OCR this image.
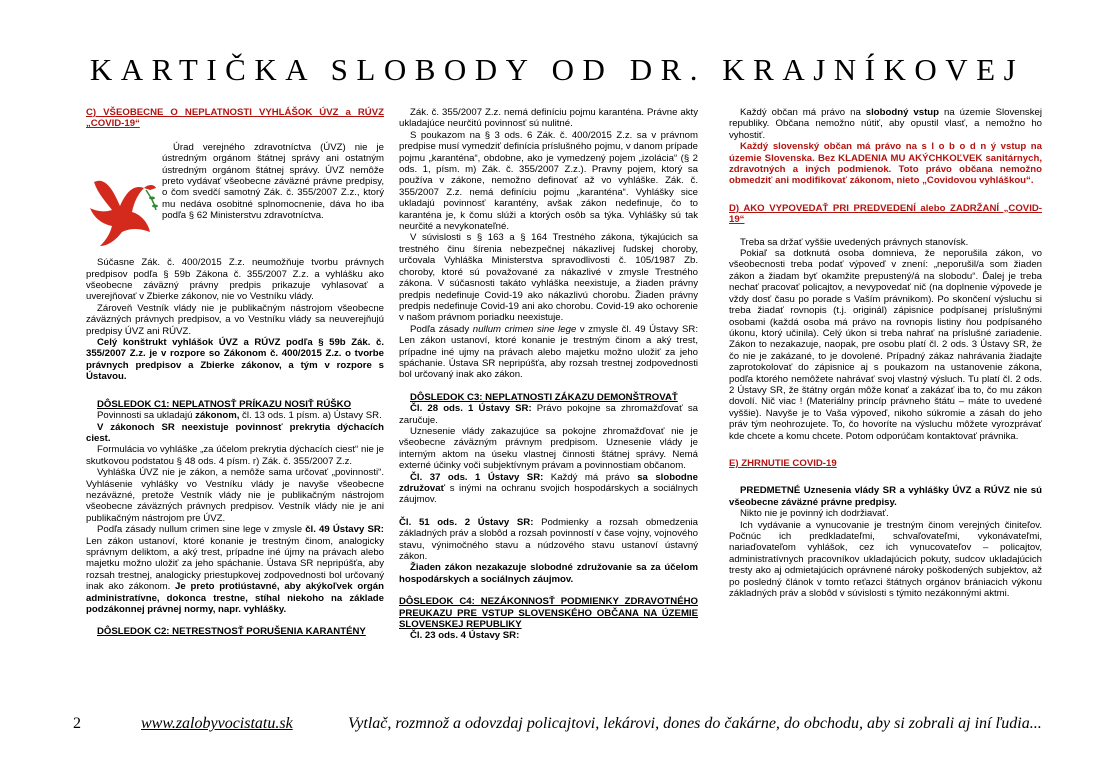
KARTIČKA SLOBODY OD DR. KRAJNÍKOVEJ

C) VŠEOBECNE O NEPLATNOSTI VYHLÁŠOK ÚVZ a RÚVZ „COVID-19“

Úrad verejného zdravotníctva (ÚVZ) nie je ústredným orgánom štátnej správy ani ostatným ústredným orgánom štátnej správy. ÚVZ nemôže preto vydávať všeobecne záväzné právne predpisy, o čom svedčí samotný Zák. č. 355/2007 Z.z., ktorý mu nedáva osobitné splnomocnenie, dáva ho iba podľa § 62 Ministerstvu zdravotníctva.

Súčasne Zák. č. 400/2015 Z.z. neumožňuje tvorbu právnych predpisov podľa § 59b Zákona č. 355/2007 Z.z. a vyhlášku ako všeobecne záväzný právny predpis prikazuje vyhlasovať a uverejňovať v Zbierke zákonov, nie vo Vestníku vlády.

Zároveň Vestník vlády nie je publikačným nástrojom všeobecne záväzných právnych predpisov, a vo Vestníku vlády sa neuverejňujú predpisy ÚVZ ani RÚVZ.

Celý konštrukt vyhlášok ÚVZ a RÚVZ podľa § 59b Zák. č. 355/2007 Z.z. je v rozpore so Zákonom č. 400/2015 Z.z. o tvorbe právnych predpisov a Zbierke zákonov, a tým v rozpore s Ústavou.

DÔSLEDOK C1: NEPLATNOSŤ PRÍKAZU NOSIŤ RÚŠKO

Povinnosti sa ukladajú zákonom, čl. 13 ods. 1 písm. a) Ústavy SR.

V zákonoch SR neexistuje povinnosť prekrytia dýchacích ciest.

Formulácia vo vyhláške „za účelom prekrytia dýchacích ciest“ nie je skutkovou podstatou § 48 ods. 4 písm. r) Zák. č. 355/2007 Z.z.

Vyhláška ÚVZ nie je zákon, a nemôže sama určovať „povinnosti“. Vyhlásenie vyhlášky vo Vestníku vlády je navyše všeobecne nezáväzné, pretože Vestník vlády nie je publikačným nástrojom všeobecne záväzných právnych predpisov. Vestník vlády nie je ani publikačným nástrojom pre ÚVZ.

Podľa zásady nullum crimen sine lege v zmysle čl. 49 Ústavy SR: Len zákon ustanoví, ktoré konanie je trestným činom, analogicky správnym deliktom, a aký trest, prípadne iné újmy na právach alebo majetku možno uložiť za jeho spáchanie. Ústava SR nepripúšťa, aby rozsah trestnej, analogicky priestupkovej zodpovednosti bol určovaný inak ako zákonom. Je preto protiústavné, aby akýkoľvek orgán administratívne, dokonca trestne, stíhal niekoho na základe podzákonnej právnej normy, napr. vyhlášky.

DÔSLEDOK C2: NETRESTNOSŤ PORUŠENIA KARANTÉNY

Zák. č. 355/2007 Z.z. nemá definíciu pojmu karanténa. Právne akty ukladajúce neurčitú povinnosť sú nulitné.

S poukazom na § 3 ods. 6 Zák. č. 400/2015 Z.z. sa v právnom predpise musí vymedziť definícia príslušného pojmu, v danom prípade pojmu „karanténa“, obdobne, ako je vymedzený pojem „izolácia“ (§ 2 ods. 1, písm. m) Zák. č. 355/2007 Z.z.). Pravny pojem, ktorý sa používa v zákone, nemožno definovať až vo vyhláške. Zák. č. 355/2007 Z.z. nemá definíciu pojmu „karanténa“. Vyhlášky sice ukladajú povinnosť karantény, avšak zákon nedefinuje, čo to karanténa je, k čomu slúži a ktorých osôb sa týka. Vyhlášky sú tak neurčité a nevykonateľné.

V súvislosti s § 163 a § 164 Trestného zákona, týkajúcich sa trestného činu šírenia nebezpečnej nákazlivej ľudskej choroby, určovala Vyhláška Ministerstva spravodlivosti č. 105/1987 Zb. choroby, ktoré sú považované za nákazlivé v zmysle Trestného zákona. V súčasnosti takáto vyhláška neexistuje, a žiaden právny predpis nedefinuje Covid-19 ako nákazlivú chorobu. Žiaden právny predpis nedefinuje Covid-19 ani ako chorobu. Covid-19 ako ochorenie v našom právnom poriadku neexistuje.

Podľa zásady nullum crimen sine lege v zmysle čl. 49 Ústavy SR: Len zákon ustanoví, ktoré konanie je trestným činom a aký trest, prípadne iné ujmy na právach alebo majetku možno uložiť za jeho spáchanie. Ústava SR nepripúšťa, aby rozsah trestnej zodpovednosti bol určovaný inak ako zákon.

DÔSLEDOK C3: NEPLATNOSTI ZÁKAZU DEMONŠTROVAŤ

Čl. 28 ods. 1 Ústavy SR: Právo pokojne sa zhromažďovať sa zaručuje.

Uznesenie vlády zakazujúce sa pokojne zhromažďovať nie je všeobecne záväzným právnym predpisom. Uznesenie vlády je interným aktom na úseku vlastnej činnosti štátnej správy. Nemá externé účinky voči subjektívnym právam a povinnostiam občanom.

Čl. 37 ods. 1 Ústavy SR: Každý má právo sa slobodne združovať s inými na ochranu svojich hospodárskych a sociálnych záujmov.

Čl. 51 ods. 2 Ústavy SR: Podmienky a rozsah obmedzenia základných práv a slobôd a rozsah povinností v čase vojny, vojnového stavu, výnimočného stavu a núdzového stavu ustanoví ústavný zákon.

Žiaden zákon nezakazuje slobodné združovanie sa za účelom hospodárskych a sociálnych záujmov.

DÔSLEDOK C4: NEZÁKONNOSŤ PODMIENKY ZDRAVOTNÉHO PREUKAZU PRE VSTUP SLOVENSKÉHO OBČANA NA ÚZEMIE SLOVENSKEJ REPUBLIKY

Čl. 23 ods. 4 Ústavy SR:

Každý občan má právo na slobodný vstup na územie Slovenskej republiky. Občana nemožno nútiť, aby opustil vlasť, a nemožno ho vyhostiť.

Každý slovenský občan má právo na s l o b o d n ý vstup na územie Slovenska. Bez KLADENIA MU AKÝCHKOĽVEK sanitárnych, zdravotných a iných podmienok. Toto právo občana nemožno obmedziť ani modifikovať zákonom, nieto „Covidovou vyhláškou“.

D) AKO VYPOVEDAŤ PRI PREDVEDENÍ alebo ZADRŽANÍ „COVID-19“

Treba sa držať vyššie uvedených právnych stanovísk.

Pokiaľ sa dotknutá osoba domnieva, že neporušila zákon, vo všeobecnosti treba podať výpoveď v znení: „neporušil/a som žiaden zákon a žiadam byť okamžite prepustený/á na slobodu“. Ďalej je treba nechať pracovať policajtov, a nevypovedať nič (na doplnenie výpovede je vždy dosť času po porade s Vaším právnikom). Po skončení výsluchu si treba žiadať rovnopis (t.j. originál) zápisnice podpísanej príslušnými osobami (každá osoba má právo na rovnopis listiny ňou podpísaného úkonu, ktorý učinila). Celý úkon si treba nahrať na príslušné zariadenie. Zákon to nezakazuje, naopak, pre osobu platí čl. 2 ods. 3 Ústavy SR, že čo nie je zakázané, to je dovolené. Prípadný zákaz nahrávania žiadajte zaprotokolovať do zápisnice aj s poukazom na ustanovenie zákona, podľa ktorého nemôžete nahrávať svoj vlastný výsluch. Tu platí čl. 2 ods. 2 Ústavy SR, že štátny orgán môže konať a zakázať iba to, čo mu zákon dovolí. Nič viac ! (Materiálny princíp právneho štátu – máte to uvedené vyššie). Navyše je to Vaša výpoveď, nikoho súkromie a zásah do jeho práv tým neohrozujete. To, čo hovoríte na výsluchu môžete vyrozprávať kde chcete a komu chcete. Potom odporúčam kontaktovať právnika.

E) ZHRNUTIE COVID-19

PREDMETNÉ Uznesenia vlády SR a vyhlášky ÚVZ a RÚVZ nie sú všeobecne záväzné právne predpisy.

Nikto nie je povinný ich dodržiavať.

Ich vydávanie a vynucovanie je trestným činom verejných činiteľov. Počnúc ich predkladateľmi, schvaľovateľmi, vykonávateľmi, nariaďovateľom vyhlášok, cez ich vynucovateľov – policajtov, administratívnych pracovníkov ukladajúcich pokuty, sudcov ukladajúcich tresty ako aj odmietajúcich oprávnené nároky poškodených subjektov, až po posledný článok v tomto reťazci štátnych orgánov brániacich výkonu základných práv a slobôd v súvislosti s týmito nezákonnými aktmi.

2	www.zalobyvocistatu.sk	Vytlač, rozmnož a odovzdaj policajtovi, lekárovi, dones do čakárne, do obchodu, aby si zobrali aj iní ľudia...
